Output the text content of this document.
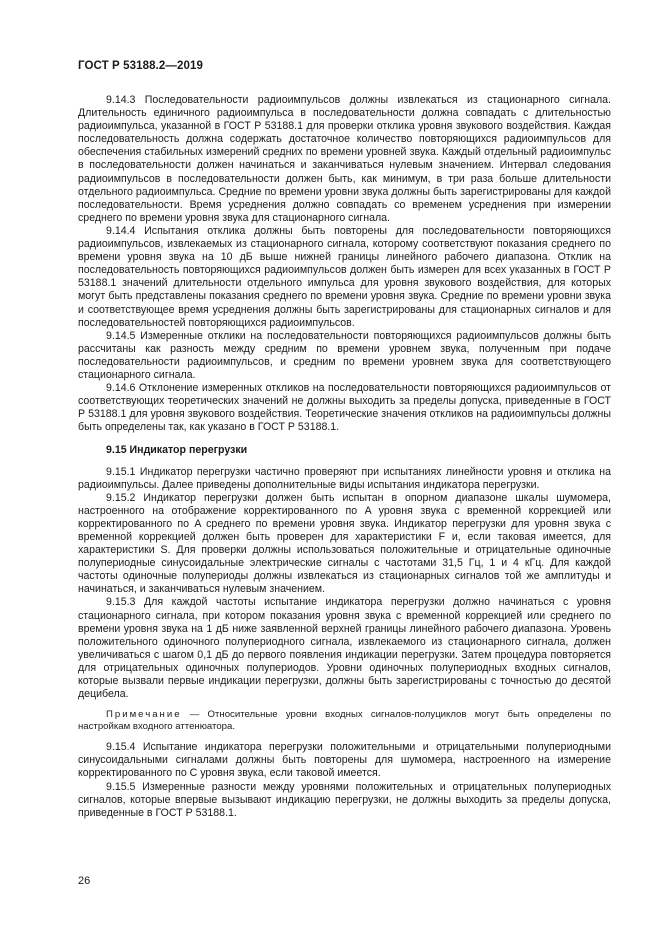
ГОСТ Р 53188.2—2019

9.14.3 Последовательности радиоимпульсов должны извлекаться из стационарного сигнала. Длительность единичного радиоимпульса в последовательности должна совпадать с длительностью радиоимпульса, указанной в ГОСТ Р 53188.1 для проверки отклика уровня звукового воздействия. Каждая последовательность должна содержать достаточное количество повторяющихся радиоимпульсов для обеспечения стабильных измерений средних по времени уровней звука. Каждый отдельный радиоимпульс в последовательности должен начинаться и заканчиваться нулевым значением. Интервал следования радиоимпульсов в последовательности должен быть, как минимум, в три раза больше длительности отдельного радиоимпульса. Средние по времени уровни звука должны быть зарегистрированы для каждой последовательности. Время усреднения должно совпадать со временем усреднения при измерении среднего по времени уровня звука для стационарного сигнала.

9.14.4 Испытания отклика должны быть повторены для последовательности повторяющихся радиоимпульсов, извлекаемых из стационарного сигнала, которому соответствуют показания среднего по времени уровня звука на 10 дБ выше нижней границы линейного рабочего диапазона. Отклик на последовательность повторяющихся радиоимпульсов должен быть измерен для всех указанных в ГОСТ Р 53188.1 значений длительности отдельного импульса для уровня звукового воздействия, для которых могут быть представлены показания среднего по времени уровня звука. Средние по времени уровни звука и соответствующее время усреднения должны быть зарегистрированы для стационарных сигналов и для последовательностей повторяющихся радиоимпульсов.

9.14.5 Измеренные отклики на последовательности повторяющихся радиоимпульсов должны быть рассчитаны как разность между средним по времени уровнем звука, полученным при подаче последовательности радиоимпульсов, и средним по времени уровнем звука для соответствующего стационарного сигнала.

9.14.6 Отклонение измеренных откликов на последовательности повторяющихся радиоимпульсов от соответствующих теоретических значений не должны выходить за пределы допуска, приведенные в ГОСТ Р 53188.1 для уровня звукового воздействия. Теоретические значения откликов на радиоимпульсы должны быть определены так, как указано в ГОСТ Р 53188.1.

9.15 Индикатор перегрузки

9.15.1 Индикатор перегрузки частично проверяют при испытаниях линейности уровня и отклика на радиоимпульсы. Далее приведены дополнительные виды испытания индикатора перегрузки.

9.15.2 Индикатор перегрузки должен быть испытан в опорном диапазоне шкалы шумомера, настроенного на отображение корректированного по A уровня звука с временной коррекцией или корректированного по A среднего по времени уровня звука. Индикатор перегрузки для уровня звука с временной коррекцией должен быть проверен для характеристики F и, если таковая имеется, для характеристики S. Для проверки должны использоваться положительные и отрицательные одиночные полупериодные синусоидальные электрические сигналы с частотами 31,5 Гц, 1 и 4 кГц. Для каждой частоты одиночные полупериоды должны извлекаться из стационарных сигналов той же амплитуды и начинаться, и заканчиваться нулевым значением.

9.15.3 Для каждой частоты испытание индикатора перегрузки должно начинаться с уровня стационарного сигнала, при котором показания уровня звука с временной коррекцией или среднего по времени уровня звука на 1 дБ ниже заявленной верхней границы линейного рабочего диапазона. Уровень положительного одиночного полупериодного сигнала, извлекаемого из стационарного сигнала, должен увеличиваться с шагом 0,1 дБ до первого появления индикации перегрузки. Затем процедура повторяется для отрицательных одиночных полупериодов. Уровни одиночных полупериодных входных сигналов, которые вызвали первые индикации перегрузки, должны быть зарегистрированы с точностью до десятой децибела.

Примечание — Относительные уровни входных сигналов-полуциклов могут быть определены по настройкам входного аттенюатора.

9.15.4 Испытание индикатора перегрузки положительными и отрицательными полупериодными синусоидальными сигналами должны быть повторены для шумомера, настроенного на измерение корректированного по C уровня звука, если таковой имеется.

9.15.5 Измеренные разности между уровнями положительных и отрицательных полупериодных сигналов, которые впервые вызывают индикацию перегрузки, не должны выходить за пределы допуска, приведенные в ГОСТ Р 53188.1.

26
